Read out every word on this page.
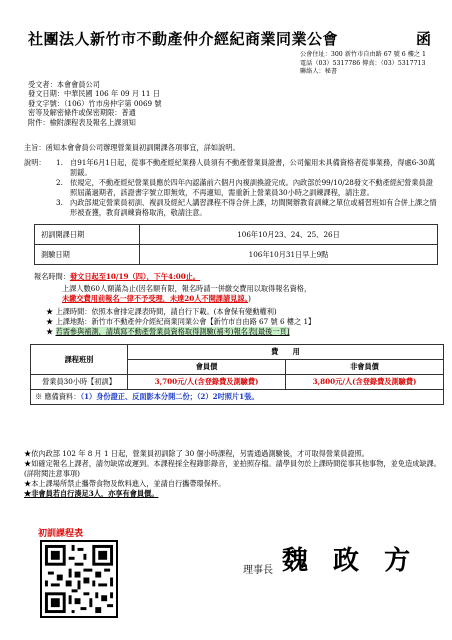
社團法人新竹市不動產仲介經紀商業同業公會	函
公會住址：300 新竹市自由路 67 號 6 樓之 1
電話（03）5317786 傳真：（03）5317713
聯絡人：秘書
受文者：本會會員公司
發文日期：中華民國 106 年 09 月 11 日
發文字號：（106）竹市房仲字第 0069 號
密等及解密條件或保密期限：普通
附件：檢附課程表及報名上課須知
主旨：函知本會會員公司辦理營業員初訓開課各項事宜，詳如說明。
說明：	1. 自91年6月1日起，從事不動產經紀業務人員須有不動產營業員證書，公司僱用未具備資格者從事業務，得處6-30萬罰鍰。
2. 依規定，不動產經紀營業員應於四年內認滿前六個月內複訓換證完成。內政部於99/10/28發文不動產經紀營業員證照屆滿過期者，該證書字號立即無效，不再適知，需重新上營業員30小時之訓練課程，請注意。
3. 內政部規定營業員初訓、複訓及經紀人講習課程不得合併上課，坊間開辦教育訓練之單位或補習班如有合併上課之情形被查獲，教育訓練資格取消，敬請注意。
初訓開課日期	106年10月23、24、25、26日
測驗日期	106年10月31日早上9點
報名時間：發文日起至10/19（四），下午4:00止。
上課人數60人額滿為止(因名額有限，報名時請一併繳交費用以取得報名資格，
未繳交費用前報名一律不予受理，未達20人不開課請見諒。)
★ 上課時間：依照本會排定課表時間，請自行下載。(本會保有變動權利)
★ 上課地點：新竹市不動產仲介經紀商業同業公會【新竹市自由路 67 號 6 樓之 1】
★ 若需參與補測，請填寫不動產營業員資格取得測驗(補考)報名表[最後一頁]
課程班別	費　　用	
	會員價	非會員價
營業員30小時【初訓】	3,700元/人(含登錄費及測驗費)	3,800元/人(含登錄費及測驗費)
※ 應備資料：（1）身份證正、反面影本分開二份；（2）2吋照片1張。		
★依內政部 102 年 8 月 1 日起，營業員初訓除了 30 個小時課程，另需通過測驗後，才可取得營業員證照。
★如確定報名上課者，請勿缺席或遲到。本課程採全程錄影錄音，並拍照存檔。請學員勿於上課時間從事其他事物，並免造成缺課。(詳附閱注意事項)
★本上課場所禁止攜帶食物及飲料進入，並請自行攜帶環保杯。
★非會員若自行湊足3人，亦享有會員價。
初訓課程表
理事長 魏 政 方
